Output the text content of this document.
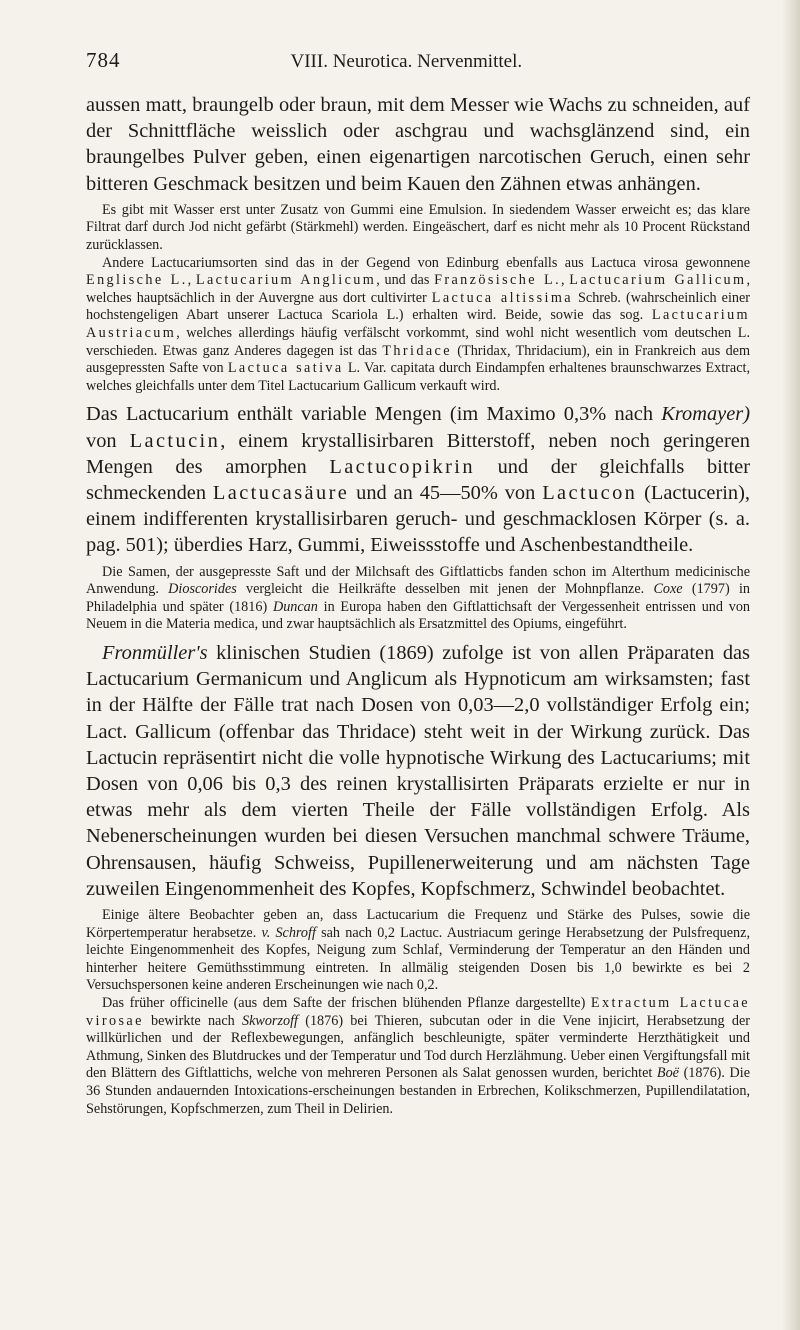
784	VIII. Neurotica. Nervenmittel.

aussen matt, braungelb oder braun, mit dem Messer wie Wachs zu schneiden, auf der Schnittfläche weisslich oder aschgrau und wachsglänzend sind, ein braungelbes Pulver geben, einen eigenartigen narcotischen Geruch, einen sehr bitteren Geschmack besitzen und beim Kauen den Zähnen etwas anhängen.

Es gibt mit Wasser erst unter Zusatz von Gummi eine Emulsion. In siedendem Wasser erweicht es; das klare Filtrat darf durch Jod nicht gefärbt (Stärkmehl) werden. Eingeäschert, darf es nicht mehr als 10 Procent Rückstand zurücklassen.

Andere Lactucariumsorten sind das in der Gegend von Edinburg ebenfalls aus Lactuca virosa gewonnene Englische L., Lactucarium Anglicum, und das Französische L., Lactucarium Gallicum, welches hauptsächlich in der Auvergne aus dort cultivirter Lactuca altissima Schreb. (wahrscheinlich einer hochstengeligen Abart unserer Lactuca Scariola L.) erhalten wird. Beide, sowie das sog. Lactucarium Austriacum, welches allerdings häufig verfälscht vorkommt, sind wohl nicht wesentlich vom deutschen L. verschieden. Etwas ganz Anderes dagegen ist das Thridace (Thridax, Thridacium), ein in Frankreich aus dem ausgepressten Safte von Lactuca sativa L. Var. capitata durch Eindampfen erhaltenes braunschwarzes Extract, welches gleichfalls unter dem Titel Lactucarium Gallicum verkauft wird.

Das Lactucarium enthält variable Mengen (im Maximo 0,3% nach Kromayer) von Lactucin, einem krystallisirbaren Bitterstoff, neben noch geringeren Mengen des amorphen Lactucopikrin und der gleichfalls bitter schmeckenden Lactucasäure und an 45—50% von Lactucon (Lactucerin), einem indifferenten krystallisirbaren geruch- und geschmacklosen Körper (s. a. pag. 501); überdies Harz, Gummi, Eiweissstoffe und Aschenbestandtheile.

Die Samen, der ausgepresste Saft und der Milchsaft des Giftlatticbs fanden schon im Alterthum medicinische Anwendung. Dioscorides vergleicht die Heilkräfte desselben mit jenen der Mohnpflanze. Coxe (1797) in Philadelphia und später (1816) Duncan in Europa haben den Giftlattichsaft der Vergessenheit entrissen und von Neuem in die Materia medica, und zwar hauptsächlich als Ersatzmittel des Opiums, eingeführt.

Fronmüller's klinischen Studien (1869) zufolge ist von allen Präparaten das Lactucarium Germanicum und Anglicum als Hypnoticum am wirksamsten; fast in der Hälfte der Fälle trat nach Dosen von 0,03—2,0 vollständiger Erfolg ein; Lact. Gallicum (offenbar das Thridace) steht weit in der Wirkung zurück. Das Lactucin repräsentirt nicht die volle hypnotische Wirkung des Lactucariums; mit Dosen von 0,06 bis 0,3 des reinen krystallisirten Präparats erzielte er nur in etwas mehr als dem vierten Theile der Fälle vollständigen Erfolg. Als Nebenerscheinungen wurden bei diesen Versuchen manchmal schwere Träume, Ohrensausen, häufig Schweiss, Pupillenerweiterung und am nächsten Tage zuweilen Eingenommenheit des Kopfes, Kopfschmerz, Schwindel beobachtet.

Einige ältere Beobachter geben an, dass Lactucarium die Frequenz und Stärke des Pulses, sowie die Körpertemperatur herabsetze. v. Schroff sah nach 0,2 Lactuc. Austriacum geringe Herabsetzung der Pulsfrequenz, leichte Eingenommenheit des Kopfes, Neigung zum Schlaf, Verminderung der Temperatur an den Händen und hinterher heitere Gemüthsstimmung eintreten. In allmälig steigenden Dosen bis 1,0 bewirkte es bei 2 Versuchspersonen keine anderen Erscheinungen wie nach 0,2.

Das früher officinelle (aus dem Safte der frischen blühenden Pflanze dargestellte) Extractum Lactucae virosae bewirkte nach Skworzoff (1876) bei Thieren, subcutan oder in die Vene injicirt, Herabsetzung der willkürlichen und der Reflexbewegungen, anfänglich beschleunigte, später verminderte Herzthätigkeit und Athmung, Sinken des Blutdruckes und der Temperatur und Tod durch Herzlähmung. Ueber einen Vergiftungsfall mit den Blättern des Giftlattichs, welche von mehreren Personen als Salat genossen wurden, berichtet Boë (1876). Die 36 Stunden andauernden Intoxications-erscheinungen bestanden in Erbrechen, Kolikschmerzen, Pupillendilatation, Sehstörungen, Kopfschmerzen, zum Theil in Delirien.
